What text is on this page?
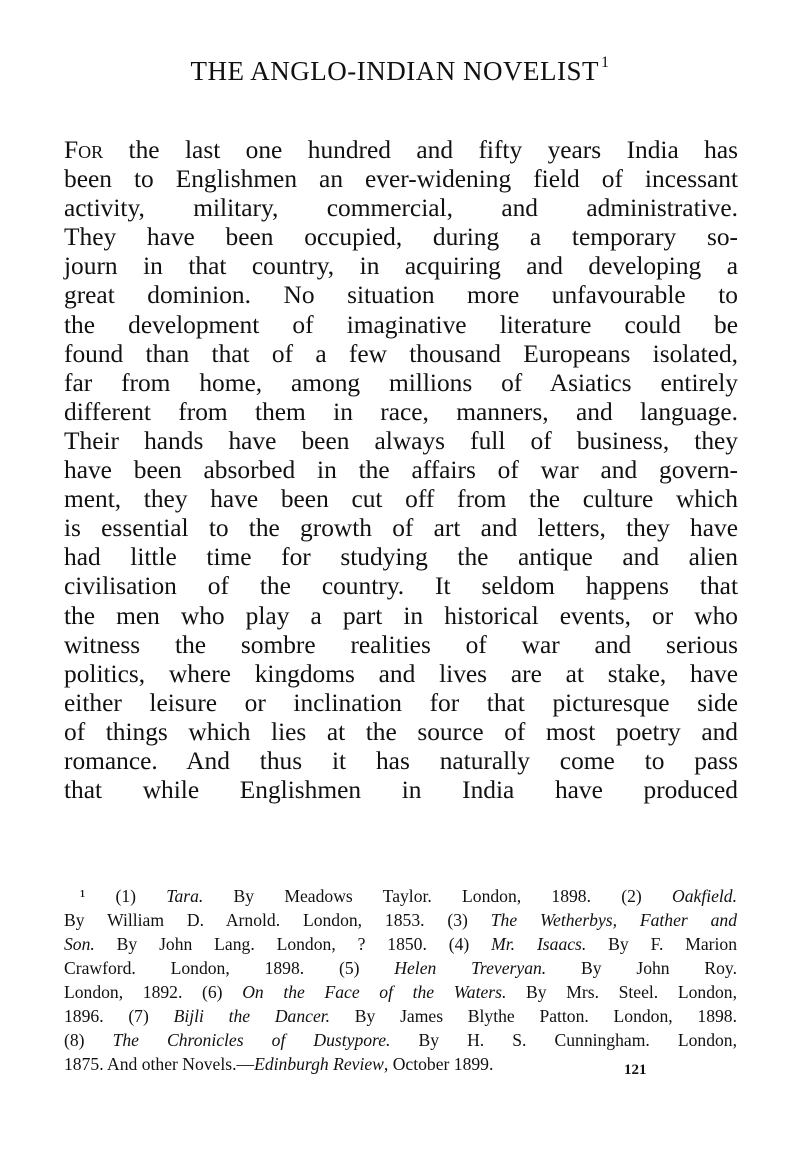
THE ANGLO-INDIAN NOVELIST $^1$
For the last one hundred and fifty years India has
been to Englishmen an ever-widening field of incessant
activity, military, commercial, and administrative.
They have been occupied, during a temporary so-
journ in that country, in acquiring and developing a
great dominion. No situation more unfavourable to
the development of imaginative literature could be
found than that of a few thousand Europeans isolated,
far from home, among millions of Asiatics entirely
different from them in race, manners, and language.
Their hands have been always full of business, they
have been absorbed in the affairs of war and govern-
ment, they have been cut off from the culture which
is essential to the growth of art and letters, they have
had little time for studying the antique and alien
civilisation of the country. It seldom happens that
the men who play a part in historical events, or who
witness the sombre realities of war and serious
politics, where kingdoms and lives are at stake, have
either leisure or inclination for that picturesque side
of things which lies at the source of most poetry and
romance. And thus it has naturally come to pass
that while Englishmen in India have produced
¹ (1) Tara. By Meadows Taylor. London, 1898. (2) Oakfield.
By William D. Arnold. London, 1853. (3) The Wetherbys, Father and
Son. By John Lang. London, ? 1850. (4) Mr. Isaacs. By F. Marion
Crawford. London, 1898. (5) Helen Treveryan. By John Roy.
London, 1892. (6) On the Face of the Waters. By Mrs. Steel. London,
1896. (7) Bijli the Dancer. By James Blythe Patton. London, 1898.
(8) The Chronicles of Dustypore. By H. S. Cunningham. London,
1875. And other Novels.—Edinburgh Review, October 1899.	121
